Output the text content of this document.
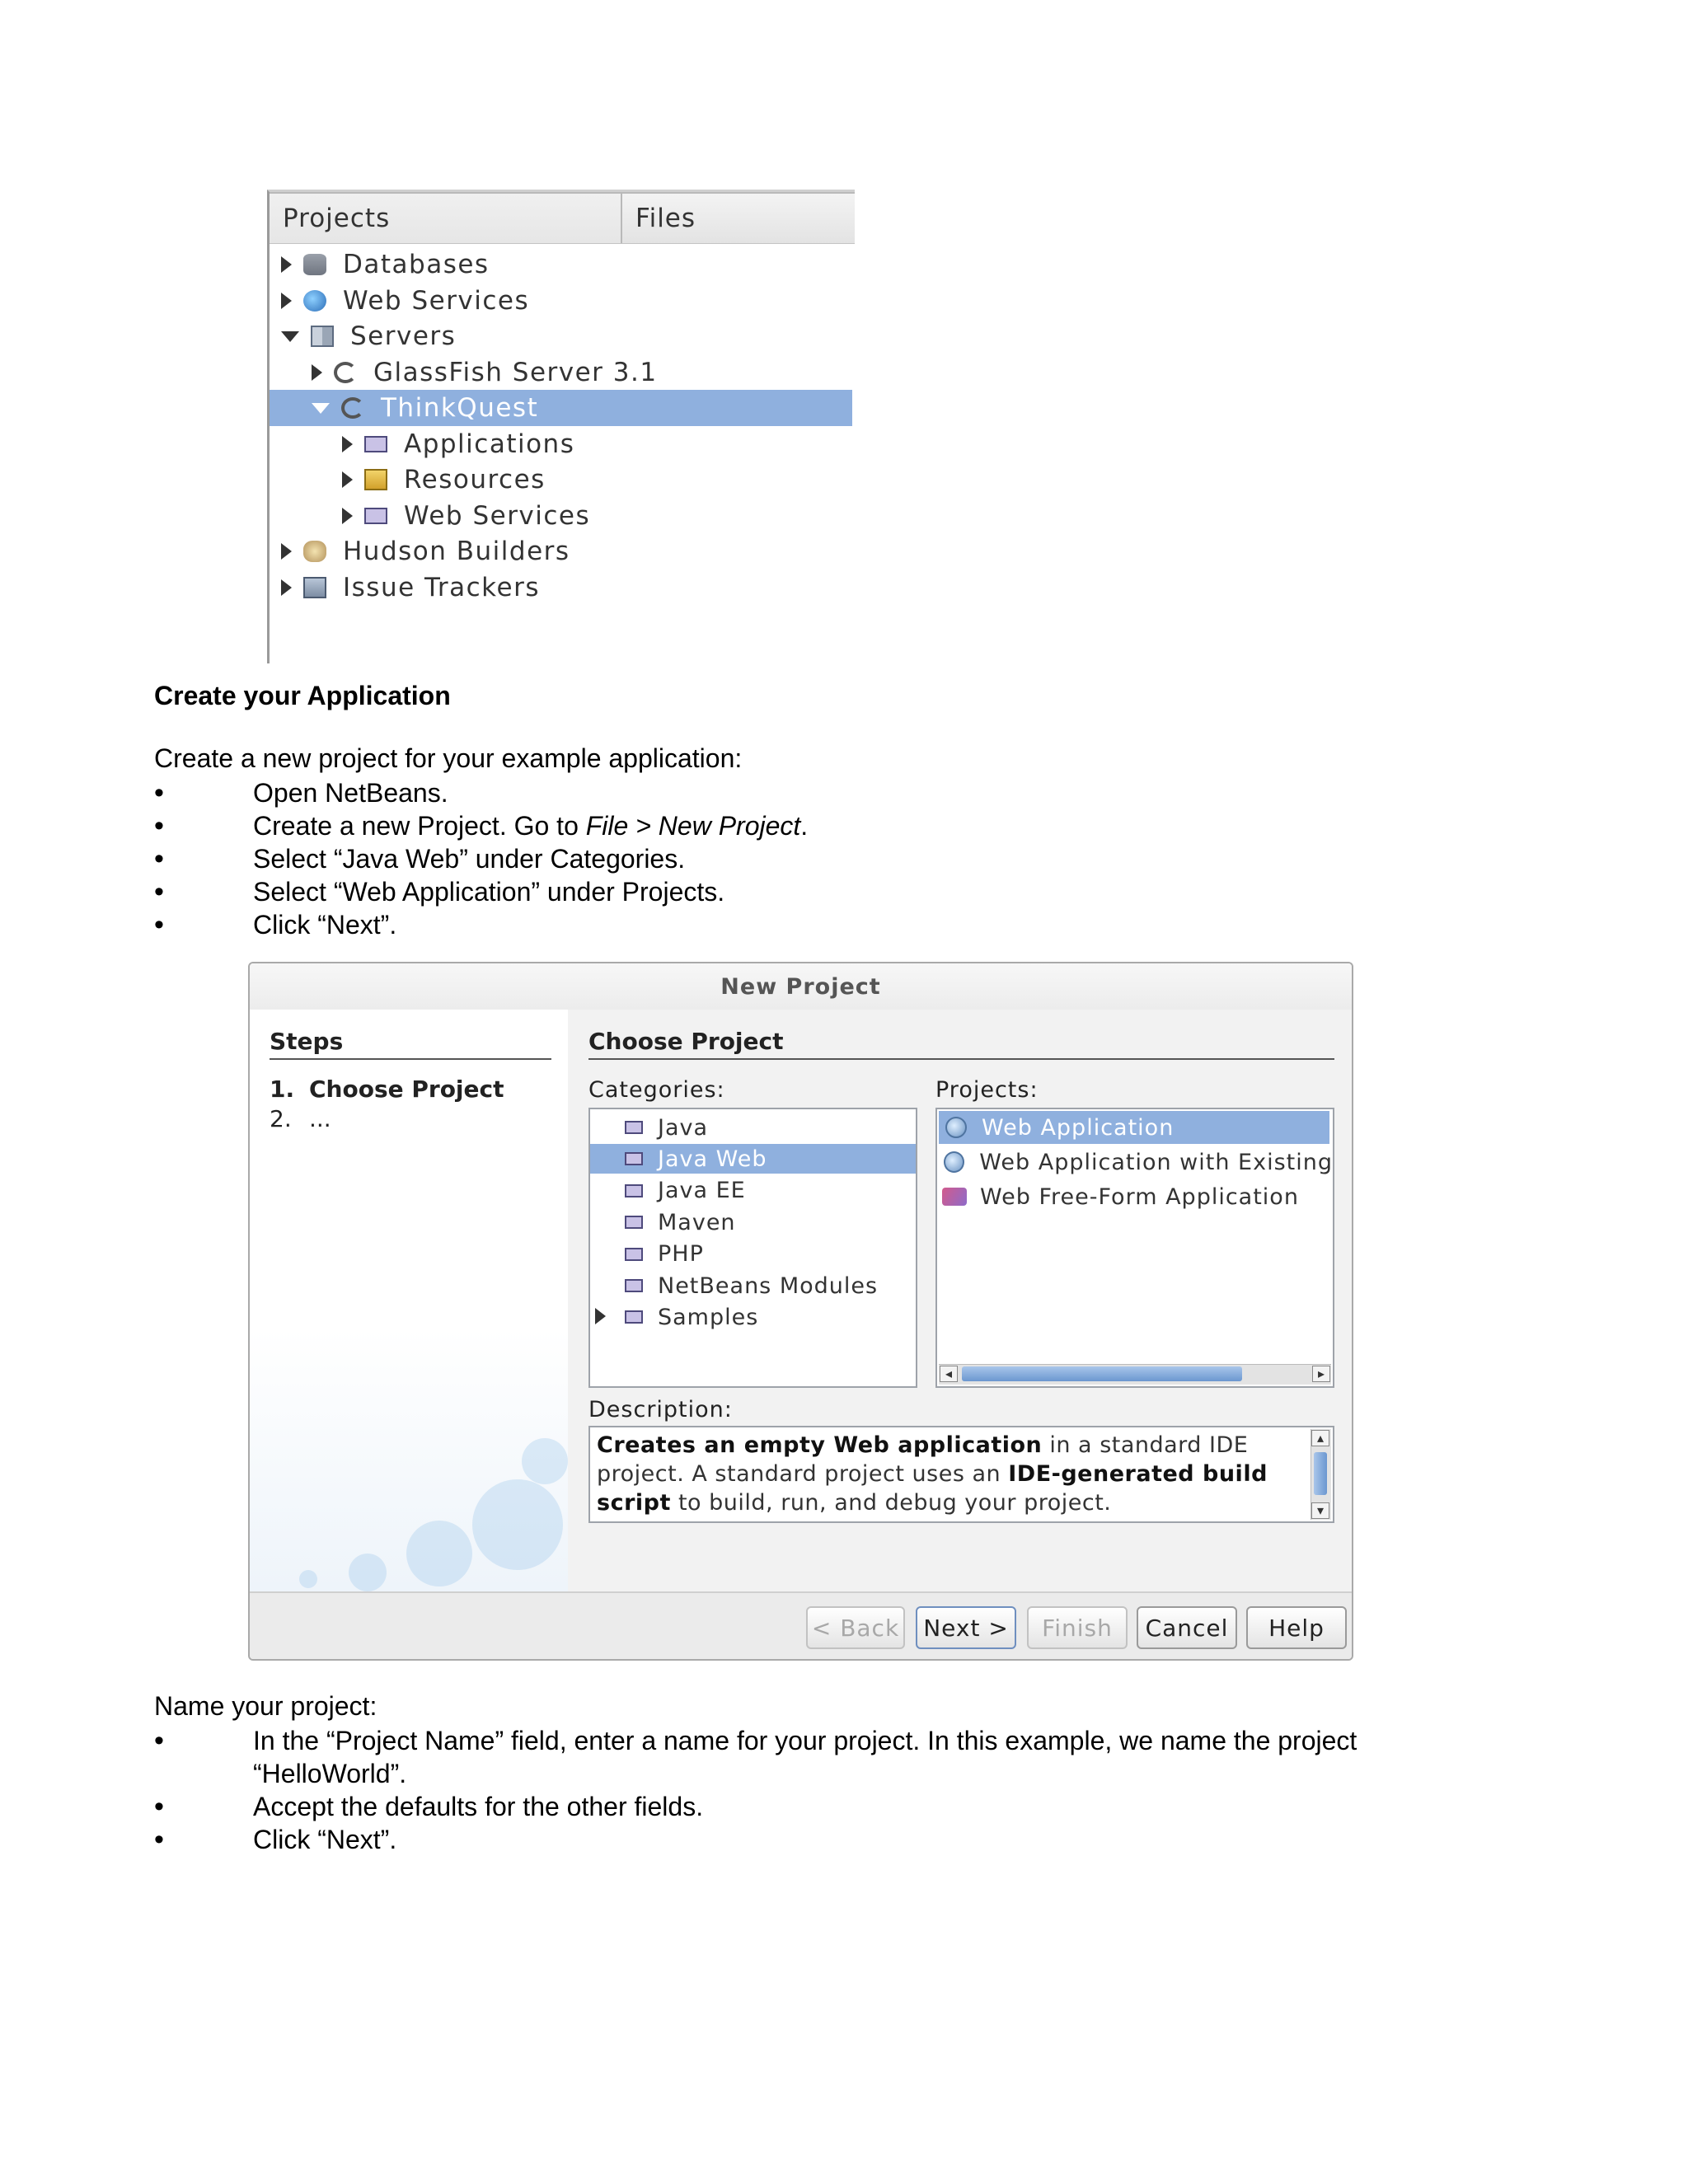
Projects	Files
Databases
Web Services
Servers
GlassFish Server 3.1
ThinkQuest
Applications
Resources
Web Services
Hudson Builders
Issue Trackers
Create your Application
Create a new project for your example application:
• Open NetBeans.
• Create a new Project. Go to File > New Project.
• Select “Java Web” under Categories.
• Select “Web Application” under Projects.
• Click “Next”.
New Project
Steps
1. Choose Project
2. ...
Choose Project
Categories:
Java
Java Web
Java EE
Maven
PHP
NetBeans Modules
Samples
Projects:
Web Application
Web Application with Existing
Web Free-Form Application
◂	▸
Description:
Creates an empty Web application in a standard IDE project. A standard project uses an IDE-generated build script to build, run, and debug your project.
▴
▾
< Back	Next >	Finish	Cancel	Help
Name your project:
• In the “Project Name” field, enter a name for your project. In this example, we name the project
“HelloWorld”.
• Accept the defaults for the other fields.
• Click “Next”.
